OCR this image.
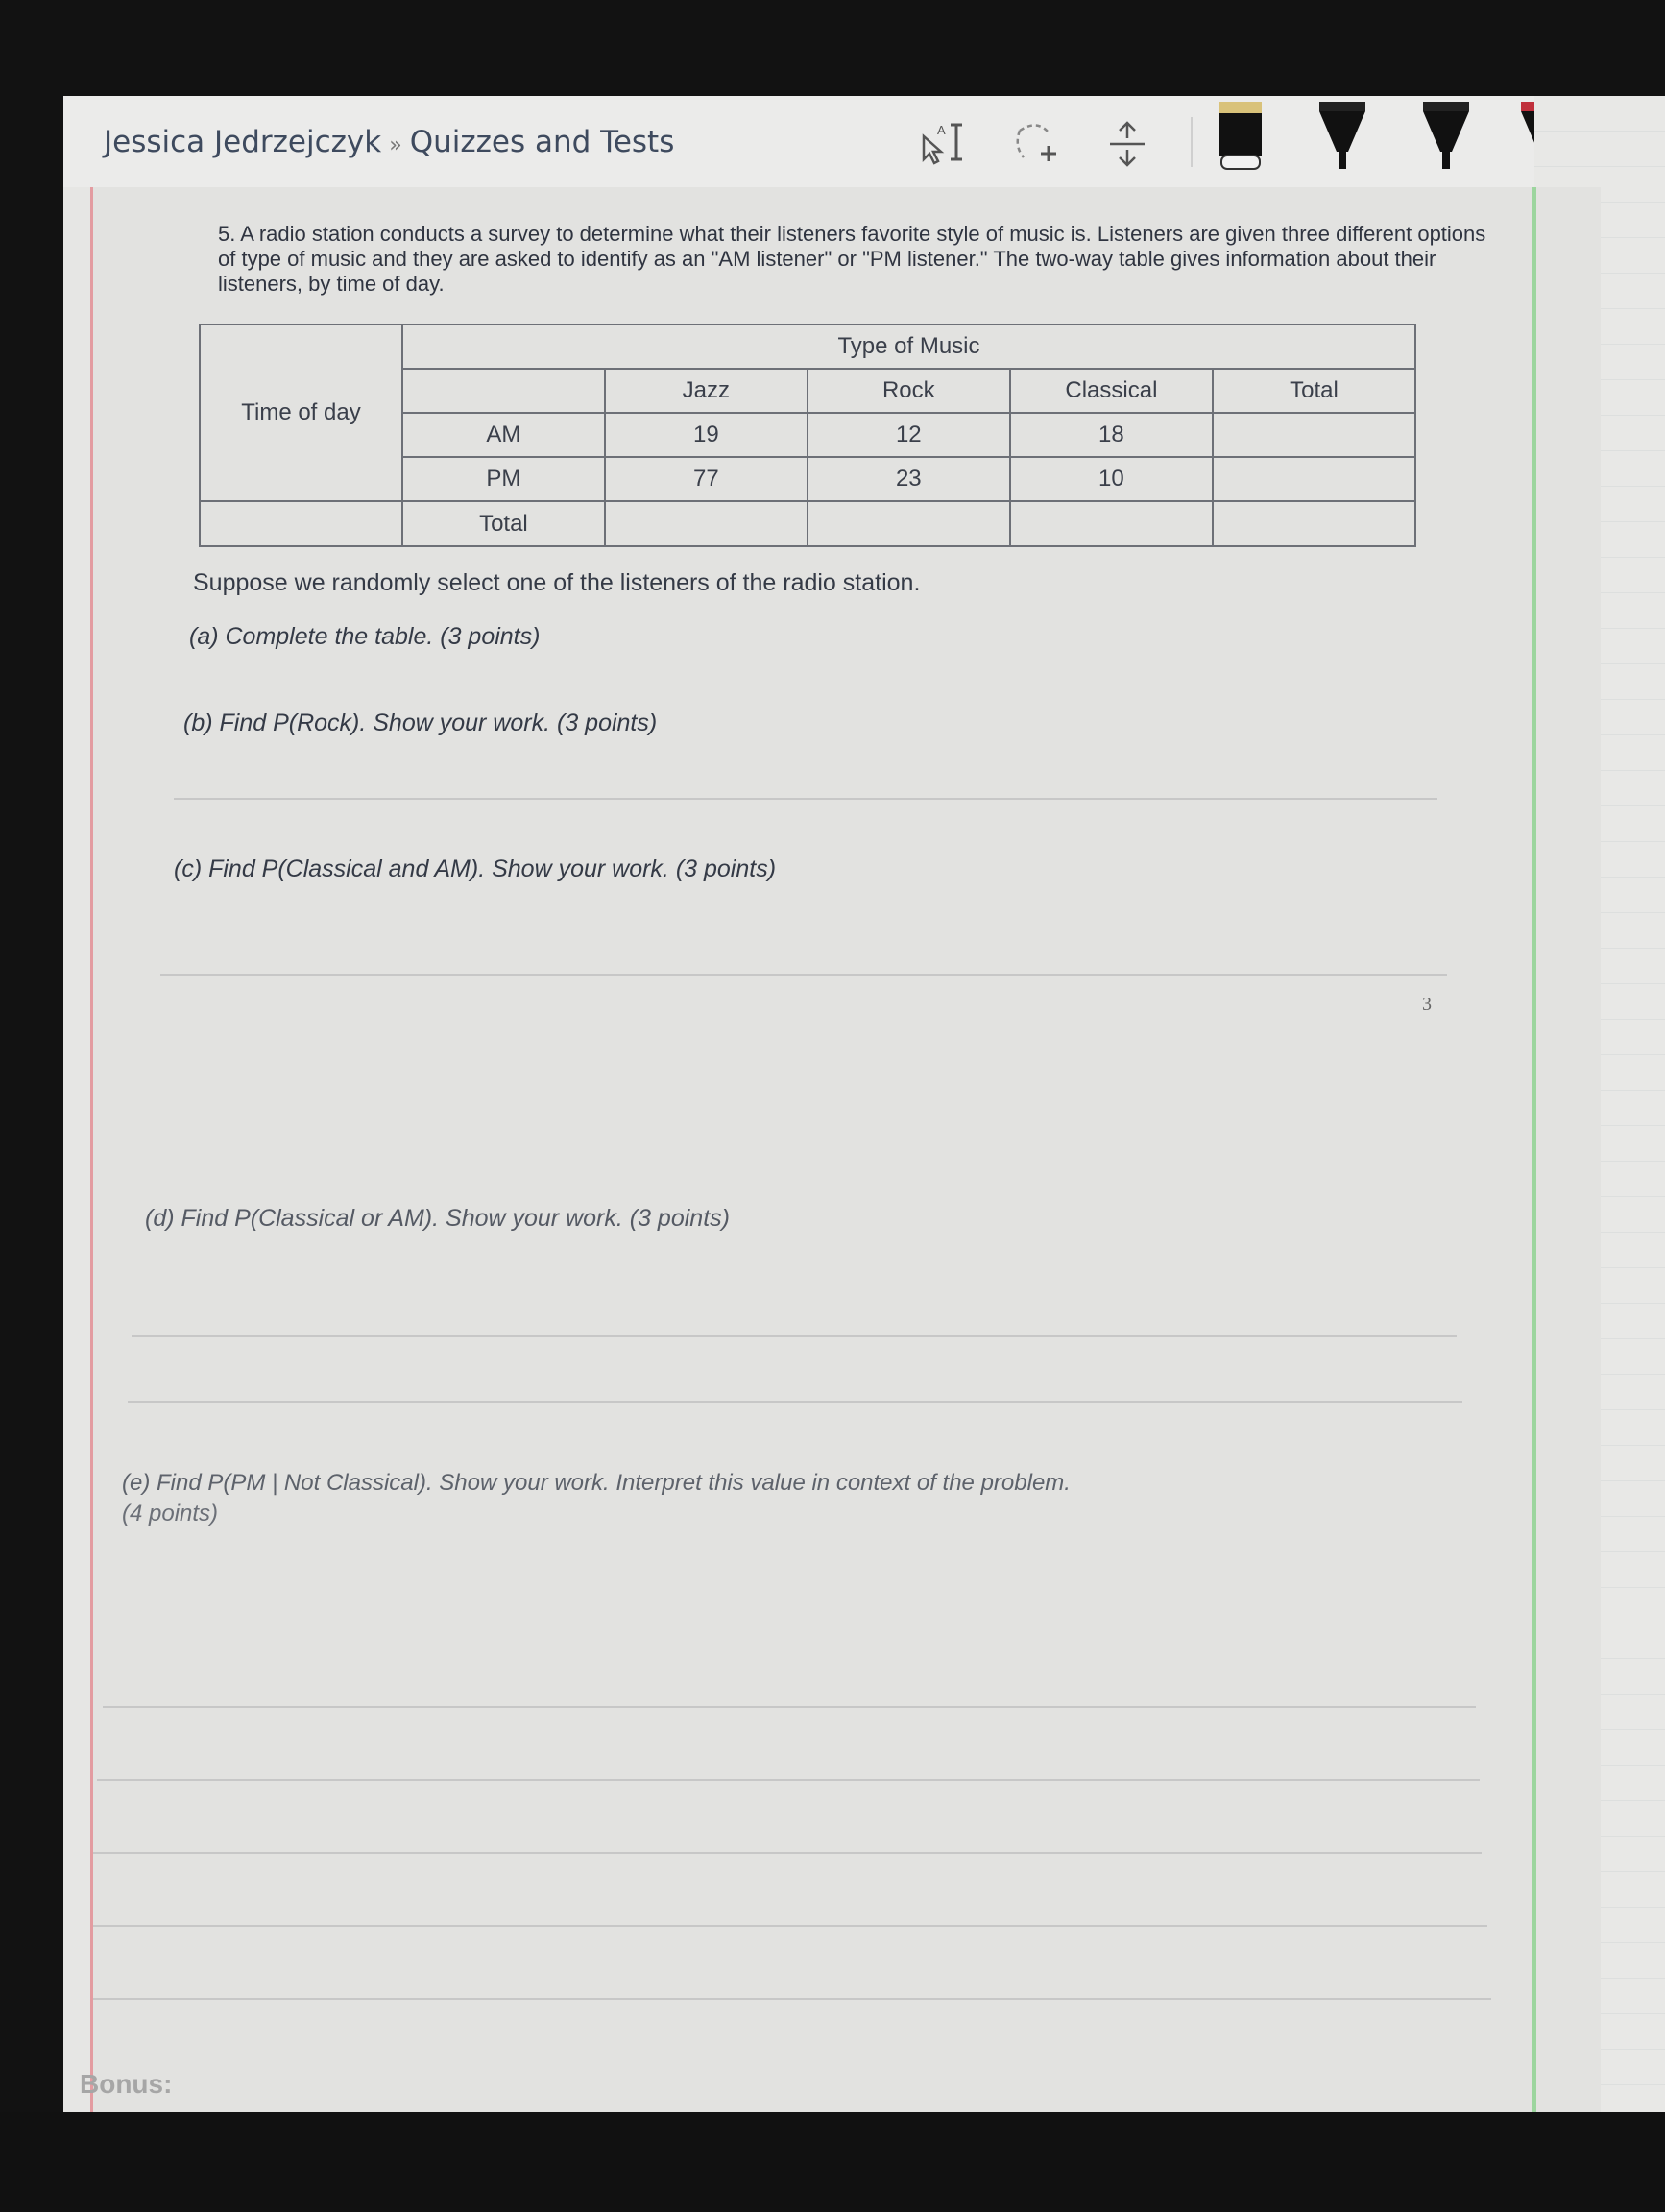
Jessica Jedrzejczyk » Quizzes and Tests	A
5. A radio station conducts a survey to determine what their listeners favorite style of music is. Listeners are given three different options of type of music and they are asked to identify as an "AM listener" or "PM listener." The two-way table gives information about their listeners, by time of day.
Time of day	Type of Music				
		Jazz	Rock	Classical	Total
	AM	19	12	18	
	PM	77	23	10	
	Total				
Suppose we randomly select one of the listeners of the radio station.
(a) Complete the table. (3 points)
(b) Find P(Rock). Show your work. (3 points)
(c) Find P(Classical and AM). Show your work. (3 points)
3
(d) Find P(Classical or AM). Show your work. (3 points)
(e) Find P(PM | Not Classical). Show your work. Interpret this value in context of the problem.
(4 points)
Bonus:
